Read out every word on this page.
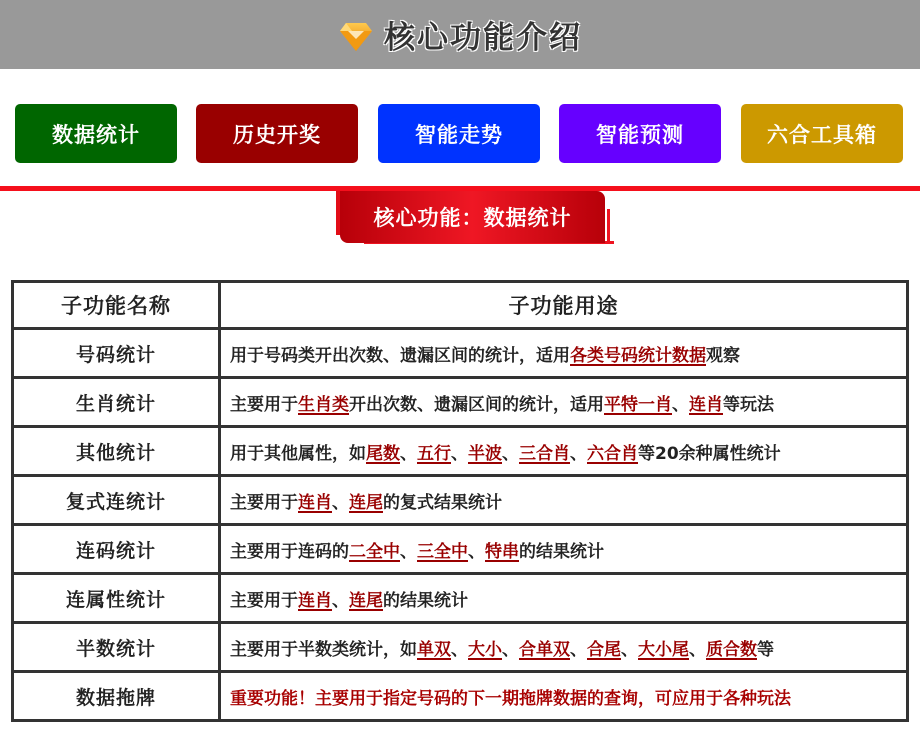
核心功能介绍
数据统计	历史开奖	智能走势	智能预测	六合工具箱
核心功能：数据统计
子功能名称	子功能用途
号码统计	用于号码类开出次数、遗漏区间的统计，适用各类号码统计数据观察
生肖统计	主要用于生肖类开出次数、遗漏区间的统计，适用平特一肖、连肖等玩法
其他统计	用于其他属性，如尾数、五行、半波、三合肖、六合肖等20余种属性统计
复式连统计	主要用于连肖、连尾的复式结果统计
连码统计	主要用于连码的二全中、三全中、特串的结果统计
连属性统计	主要用于连肖、连尾的结果统计
半数统计	主要用于半数类统计，如单双、大小、合单双、合尾、大小尾、质合数等
数据拖牌	重要功能！主要用于指定号码的下一期拖牌数据的查询，可应用于各种玩法
